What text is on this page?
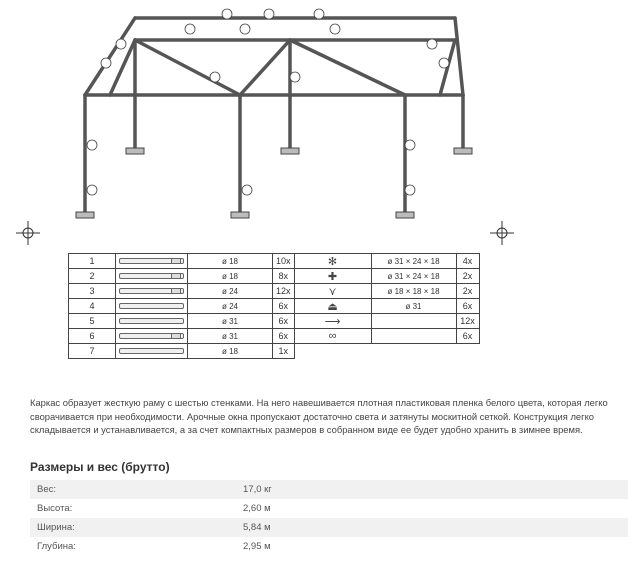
1		ø 18	10x	✻	ø 31 × 24 × 18	4x
2		ø 18	8x	✚	ø 31 × 24 × 18	2x
3		ø 24	12x	⋎	ø 18 × 18 × 18	2x
4		ø 24	6x	⏏	ø 31	6x
5		ø 31	6x	⟶		12x
6		ø 31	6x	∞		6x
7		ø 18	1x			

Каркас образует жесткую раму с шестью стенками. На него навешивается плотная пластиковая пленка белого цвета, которая легко сворачивается при необходимости. Арочные окна пропускают достаточно света и затянуты москитной сеткой. Конструкция легко складывается и устанавливается, а за счет компактных размеров в собранном виде ее будет удобно хранить в зимнее время.

Размеры и вес (брутто)
Вес:	17,0 кг
Высота:	2,60 м
Ширина:	5,84 м
Глубина:	2,95 м
